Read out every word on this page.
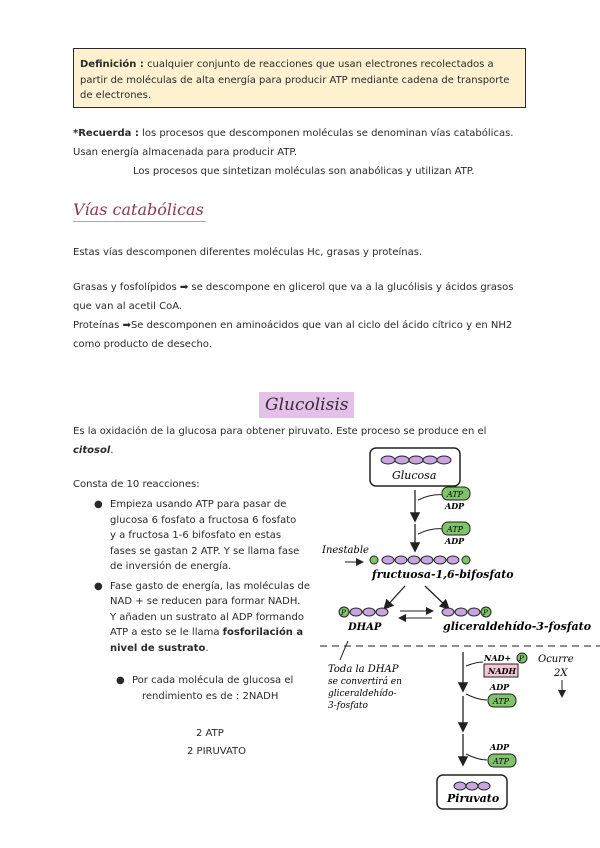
Definición : cualquier conjunto de reacciones que usan electrones recolectados a partir de moléculas de alta energía para producir ATP mediante cadena de transporte de electrones.
*Recuerda : los procesos que descomponen moléculas se denominan vías catabólicas.
Usan energía almacenada para producir ATP.
Los procesos que sintetizan moléculas son anabólicas y utilizan ATP.
Vías catabólicas
Estas vías descomponen diferentes moléculas Hc, grasas y proteínas.
Grasas y fosfolípidos ➡ se descompone en glicerol que va a la glucólisis y ácidos grasos
que van al acetil CoA.
Proteínas ➡Se descomponen en aminoácidos que van al ciclo del ácido cítrico y en NH2
como producto de desecho.
Glucolisis
Es la oxidación de la glucosa para obtener piruvato. Este proceso se produce en el
citosol.
Consta de 10 reacciones:
● Empieza usando ATP para pasar de
glucosa 6 fosfato a fructosa 6 fosfato
y a fructosa 1-6 bifosfato en estas
fases se gastan 2 ATP. Y se llama fase
de inversión de energía.
● Fase gasto de energía, las moléculas de
NAD + se reducen para formar NADH.
Y añaden un sustrato al ADP formando
ATP a esto se le llama fosforilación a
nivel de sustrato.
● Por cada molécula de glucosa el
rendimiento es de : 2NADH
2 ATP
2 PIRUVATO
Glucosa
ATP
ADP
ATP
ADP
Inestable
fructuosa-1,6-bifosfato
P
DHAP
P
gliceraldehído-3-fosfato
Toda la DHAP
se convertirá en
gliceraldehído-
3-fosfato
NAD+ P
NADH
Ocurre
2X
ADP
ATP
ADP
ATP
Piruvato
